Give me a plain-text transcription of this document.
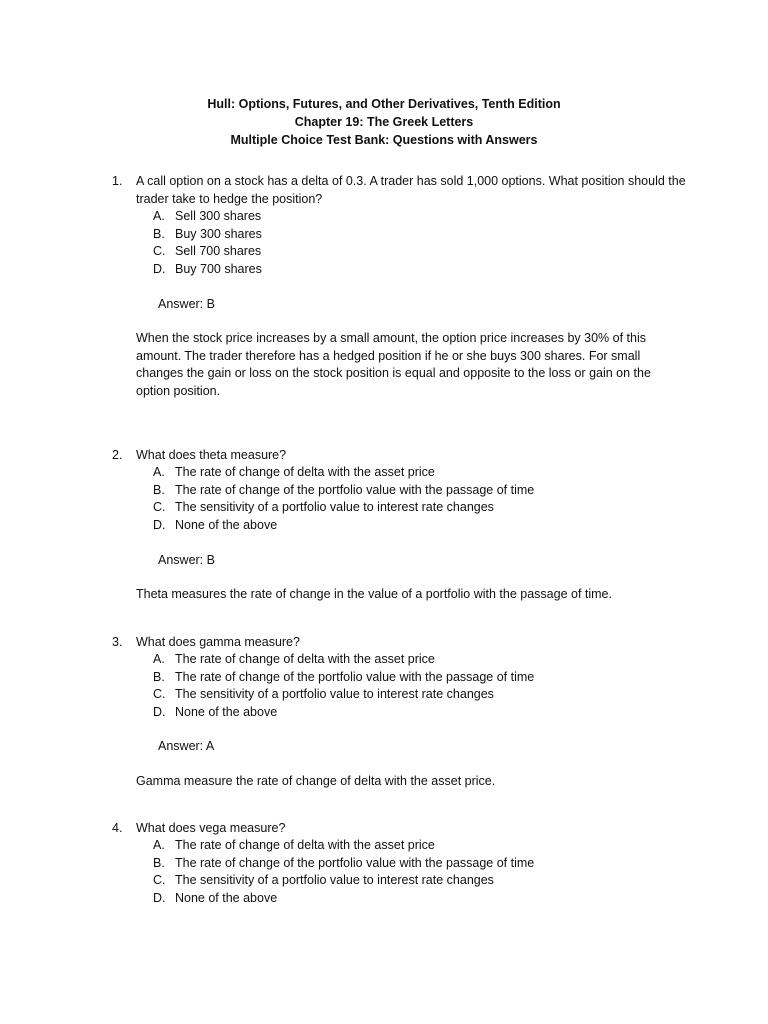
Hull: Options, Futures, and Other Derivatives, Tenth Edition
Chapter 19: The Greek Letters
Multiple Choice Test Bank: Questions with Answers
1. A call option on a stock has a delta of 0.3. A trader has sold 1,000 options. What position should the trader take to hedge the position?
A. Sell 300 shares
B. Buy 300 shares
C. Sell 700 shares
D. Buy 700 shares
Answer: B
When the stock price increases by a small amount, the option price increases by 30% of this amount. The trader therefore has a hedged position if he or she buys 300 shares. For small changes the gain or loss on the stock position is equal and opposite to the loss or gain on the option position.
2. What does theta measure?
A. The rate of change of delta with the asset price
B. The rate of change of the portfolio value with the passage of time
C. The sensitivity of a portfolio value to interest rate changes
D. None of the above
Answer: B
Theta measures the rate of change in the value of a portfolio with the passage of time.
3. What does gamma measure?
A. The rate of change of delta with the asset price
B. The rate of change of the portfolio value with the passage of time
C. The sensitivity of a portfolio value to interest rate changes
D. None of the above
Answer: A
Gamma measure the rate of change of delta with the asset price.
4. What does vega measure?
A. The rate of change of delta with the asset price
B. The rate of change of the portfolio value with the passage of time
C. The sensitivity of a portfolio value to interest rate changes
D. None of the above
